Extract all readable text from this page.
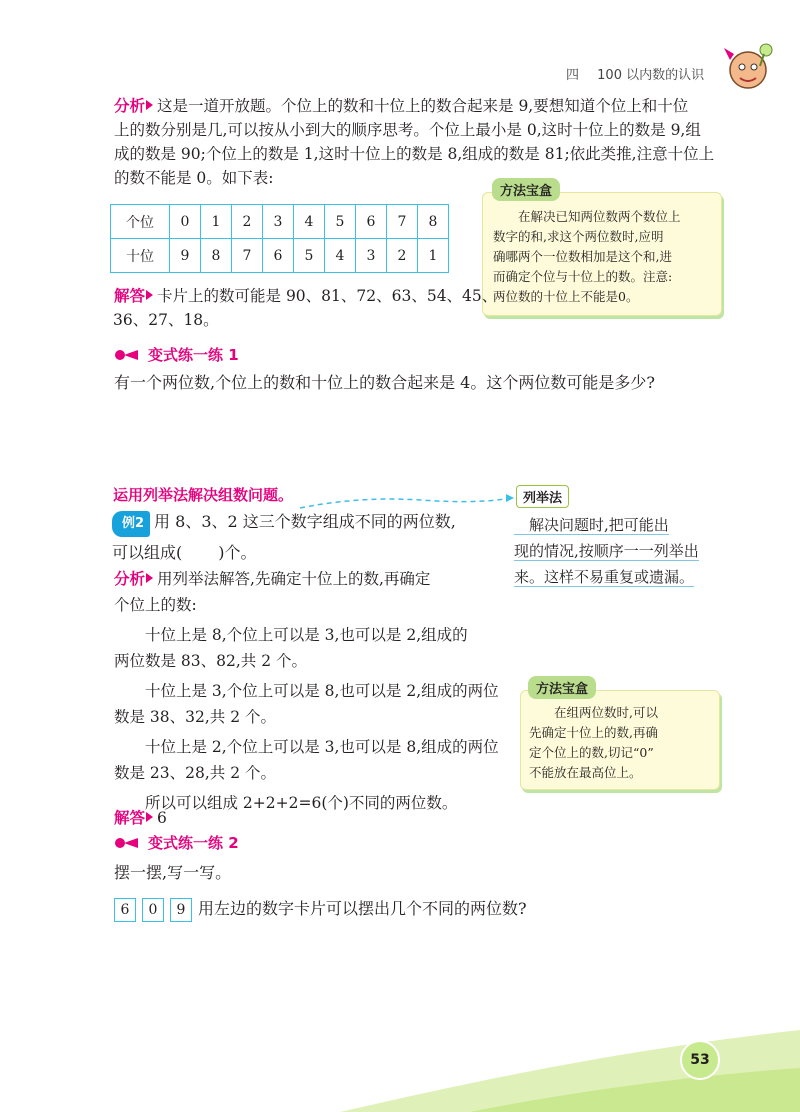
四 100 以内数的认识
分析 这是一道开放题。个位上的数和十位上的数合起来是 9,要想知道个位上和十位
上的数分别是几,可以按从小到大的顺序思考。个位上最小是 0,这时十位上的数是 9,组
成的数是 90;个位上的数是 1,这时十位上的数是 8,组成的数是 81;依此类推,注意十位上
的数不能是 0。如下表:
个位	0	1	2	3	4	5	6	7	8
十位	9	8	7	6	5	4	3	2	1
方法宝盒
　　在解决已知两位数两个数位上
数字的和,求这个两位数时,应明
确哪两个一位数相加是这个和,进
而确定个位与十位上的数。注意:
两位数的十位上不能是0。
解答 卡片上的数可能是 90、81、72、63、54、45、
36、27、18。
变式练一练 1
有一个两位数,个位上的数和十位上的数合起来是 4。这个两位数可能是多少?
运用列举法解决组数问题。
例2 用 8、3、2 这三个数字组成不同的两位数,
可以组成( )个。
列举法
　解决问题时,把可能出
现的情况,按顺序一一列举出
来。这样不易重复或遗漏。
分析 用列举法解答,先确定十位上的数,再确定
个位上的数:
　　十位上是 8,个位上可以是 3,也可以是 2,组成的
两位数是 83、82,共 2 个。
　　十位上是 3,个位上可以是 8,也可以是 2,组成的两位
数是 38、32,共 2 个。
　　十位上是 2,个位上可以是 3,也可以是 8,组成的两位
数是 23、28,共 2 个。
　　所以可以组成 2+2+2=6(个)不同的两位数。
方法宝盒
　　在组两位数时,可以
先确定十位上的数,再确
定个位上的数,切记“0”
不能放在最高位上。
解答 6
变式练一练 2
摆一摆,写一写。
6 0 9 用左边的数字卡片可以摆出几个不同的两位数?
53
